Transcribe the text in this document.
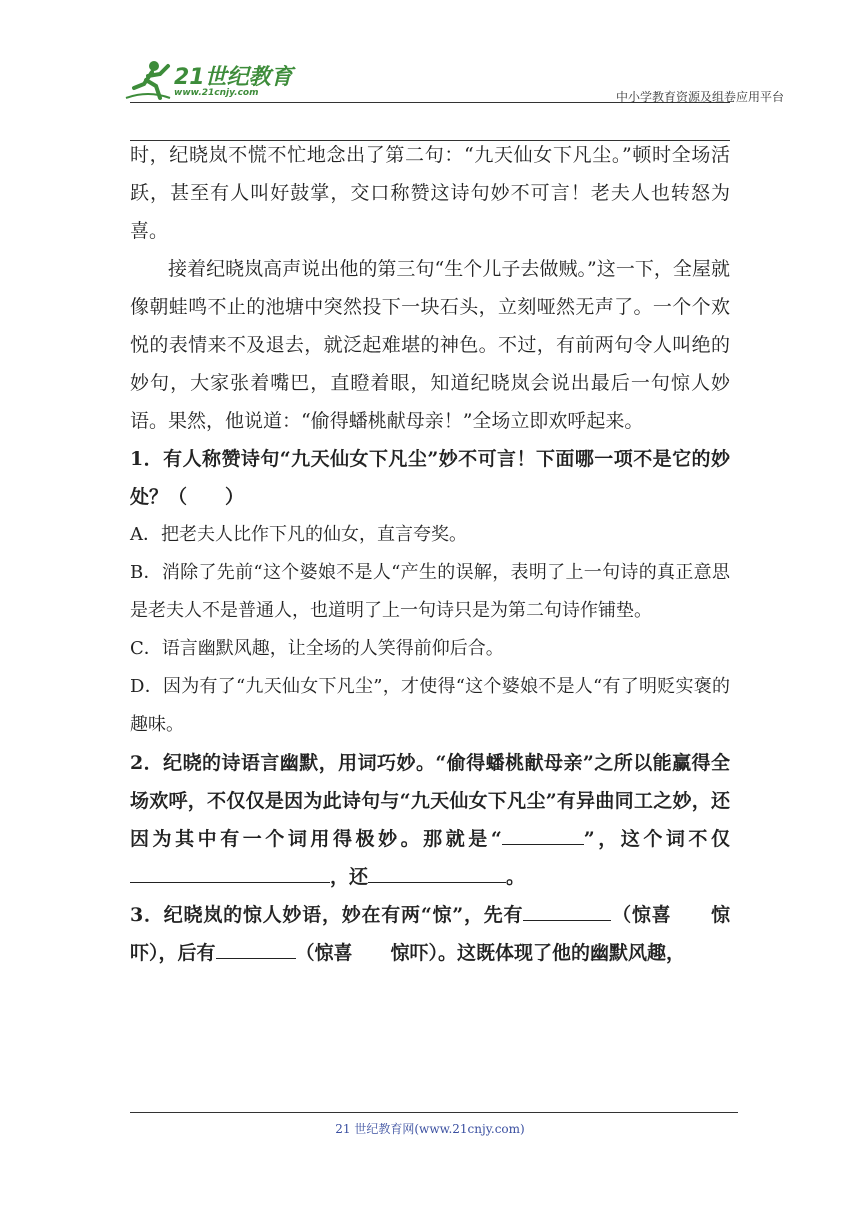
21世纪教育
www.21cnjy.com	中小学教育资源及组卷应用平台

时，纪晓岚不慌不忙地念出了第二句：“九天仙女下凡尘。”顿时全场活跃，甚至有人叫好鼓掌，交口称赞这诗句妙不可言！老夫人也转怒为喜。

接着纪晓岚高声说出他的第三句“生个儿子去做贼。”这一下，全屋就像朝蛙鸣不止的池塘中突然投下一块石头，立刻哑然无声了。一个个欢悦的表情来不及退去，就泛起难堪的神色。不过，有前两句令人叫绝的妙句，大家张着嘴巴，直瞪着眼，知道纪晓岚会说出最后一句惊人妙语。果然，他说道：“偷得蟠桃献母亲！”全场立即欢呼起来。

1．有人称赞诗句“九天仙女下凡尘”妙不可言！下面哪一项不是它的妙处？（　　）

A．把老夫人比作下凡的仙女，直言夸奖。

B．消除了先前“这个婆娘不是人“产生的误解，表明了上一句诗的真正意思是老夫人不是普通人，也道明了上一句诗只是为第二句诗作铺垫。

C．语言幽默风趣，让全场的人笑得前仰后合。

D．因为有了“九天仙女下凡尘”，才使得“这个婆娘不是人“有了明贬实褒的趣味。

2．纪晓的诗语言幽默，用词巧妙。“偷得蟠桃献母亲”之所以能赢得全场欢呼，不仅仅是因为此诗句与“九天仙女下凡尘”有异曲同工之妙，还因为其中有一个词用得极妙。那就是“	”，这个词不仅，还	。

3．纪晓岚的惊人妙语，妙在有两“惊”，先有	（惊喜　　惊吓），后有	（惊喜　　惊吓）。这既体现了他的幽默风趣，

21 世纪教育网(www.21cnjy.com)
